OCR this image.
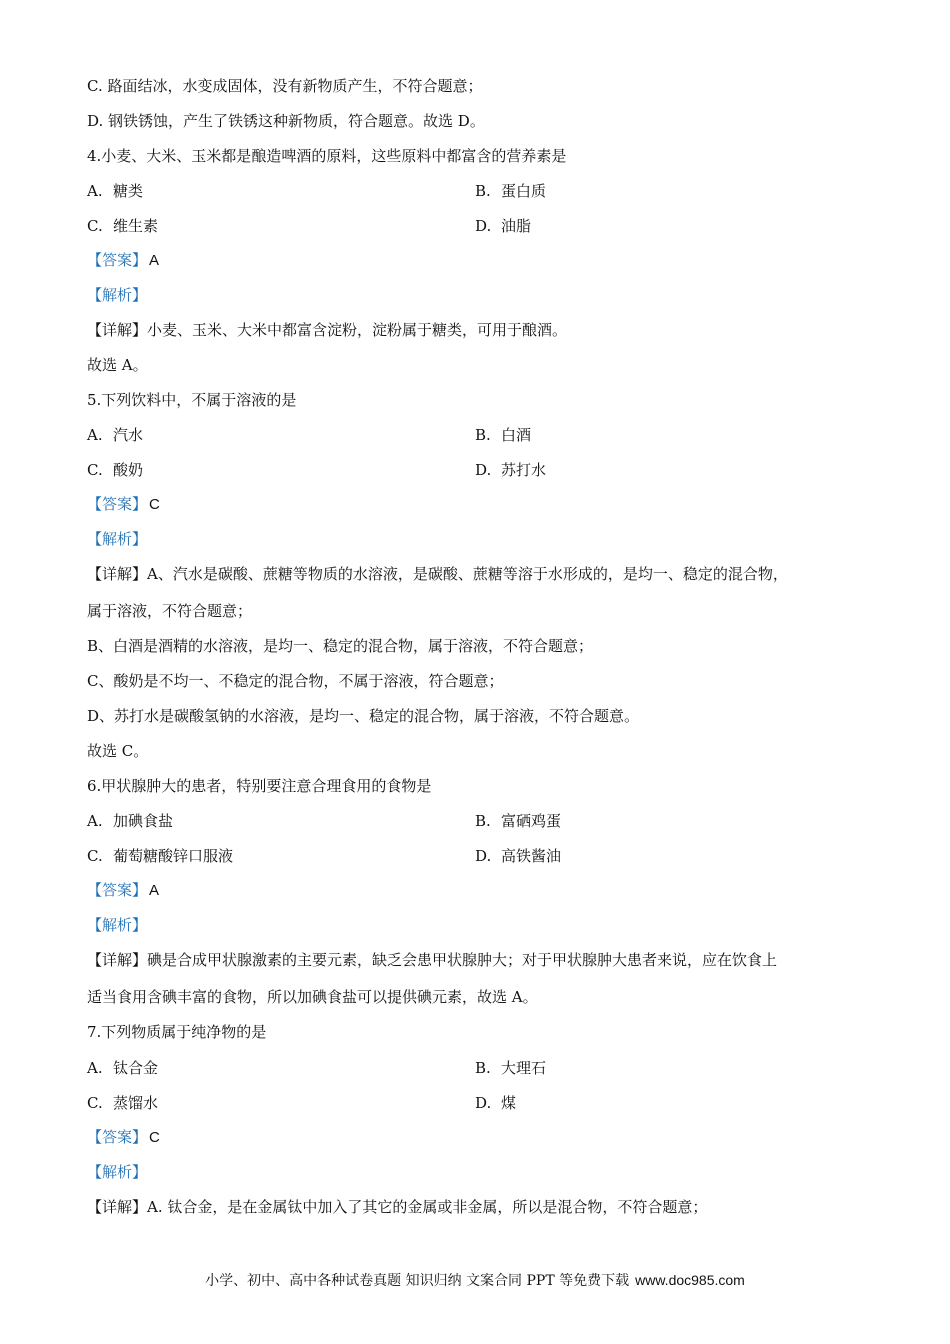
C. 路面结冰，水变成固体，没有新物质产生，不符合题意；
D. 钢铁锈蚀，产生了铁锈这种新物质，符合题意。故选 D。
4.小麦、大米、玉米都是酿造啤酒的原料，这些原料中都富含的营养素是
A. 糖类	B. 蛋白质
C. 维生素	D. 油脂
【答案】 A
【解析】
【详解】小麦、玉米、大米中都富含淀粉，淀粉属于糖类，可用于酿酒。
故选 A。
5.下列饮料中，不属于溶液的是
A. 汽水	B. 白酒
C. 酸奶	D. 苏打水
【答案】 C
【解析】
【详解】A、汽水是碳酸、蔗糖等物质的水溶液，是碳酸、蔗糖等溶于水形成的，是均一、稳定的混合物，
属于溶液，不符合题意；
B、白酒是酒精的水溶液，是均一、稳定的混合物，属于溶液，不符合题意；
C、酸奶是不均一、不稳定的混合物，不属于溶液，符合题意；
D、苏打水是碳酸氢钠的水溶液，是均一、稳定的混合物，属于溶液，不符合题意。
故选 C。
6.甲状腺肿大的患者，特别要注意合理食用的食物是
A. 加碘食盐	B. 富硒鸡蛋
C. 葡萄糖酸锌口服液	D. 高铁酱油
【答案】 A
【解析】
【详解】碘是合成甲状腺激素的主要元素，缺乏会患甲状腺肿大；对于甲状腺肿大患者来说，应在饮食上
适当食用含碘丰富的食物，所以加碘食盐可以提供碘元素，故选 A。
7.下列物质属于纯净物的是
A. 钛合金	B. 大理石
C. 蒸馏水	D. 煤
【答案】 C
【解析】
【详解】A. 钛合金，是在金属钛中加入了其它的金属或非金属，所以是混合物，不符合题意；
小学、初中、高中各种试卷真题 知识归纳 文案合同 PPT 等免费下载 www.doc985.com
